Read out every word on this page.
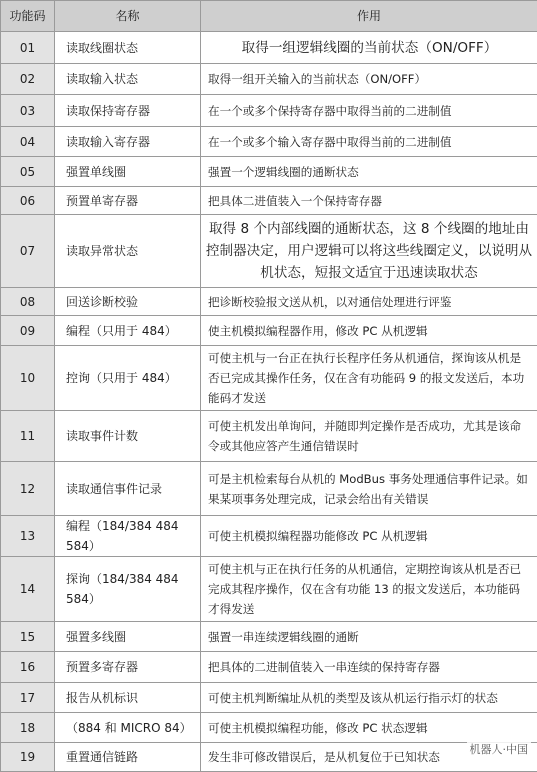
功能码	名称	作用
01	读取线圈状态	取得一组逻辑线圈的当前状态（ON/OFF）
02	读取输入状态	取得一组开关输入的当前状态（ON/OFF）
03	读取保持寄存器	在一个或多个保持寄存器中取得当前的二进制值
04	读取输入寄存器	在一个或多个输入寄存器中取得当前的二进制值
05	强置单线圈	强置一个逻辑线圈的通断状态
06	预置单寄存器	把具体二进值装入一个保持寄存器
07	读取异常状态	取得 8 个内部线圈的通断状态，这 8 个线圈的地址由控制器决定，用户逻辑可以将这些线圈定义，以说明从机状态，短报文适宜于迅速读取状态
08	回送诊断校验	把诊断校验报文送从机，以对通信处理进行评鉴
09	编程（只用于 484）	使主机模拟编程器作用，修改 PC 从机逻辑
10	控询（只用于 484）	可使主机与一台正在执行长程序任务从机通信，探询该从机是否已完成其操作任务，仅在含有功能码 9 的报文发送后，本功能码才发送
11	读取事件计数	可使主机发出单询问，并随即判定操作是否成功，尤其是该命令或其他应答产生通信错误时
12	读取通信事件记录	可是主机检索每台从机的 ModBus 事务处理通信事件记录。如果某项事务处理完成，记录会给出有关错误
13	编程（184/384 484 584）	可使主机模拟编程器功能修改 PC 从机逻辑
14	探询（184/384 484 584）	可使主机与正在执行任务的从机通信，定期控询该从机是否已完成其程序操作，仅在含有功能 13 的报文发送后，本功能码才得发送
15	强置多线圈	强置一串连续逻辑线圈的通断
16	预置多寄存器	把具体的二进制值装入一串连续的保持寄存器
17	报告从机标识	可使主机判断编址从机的类型及该从机运行指示灯的状态
18	（884 和 MICRO 84）	可使主机模拟编程功能，修改 PC 状态逻辑
19	重置通信链路	发生非可修改错误后，是从机复位于已知状态
机器人·中国
